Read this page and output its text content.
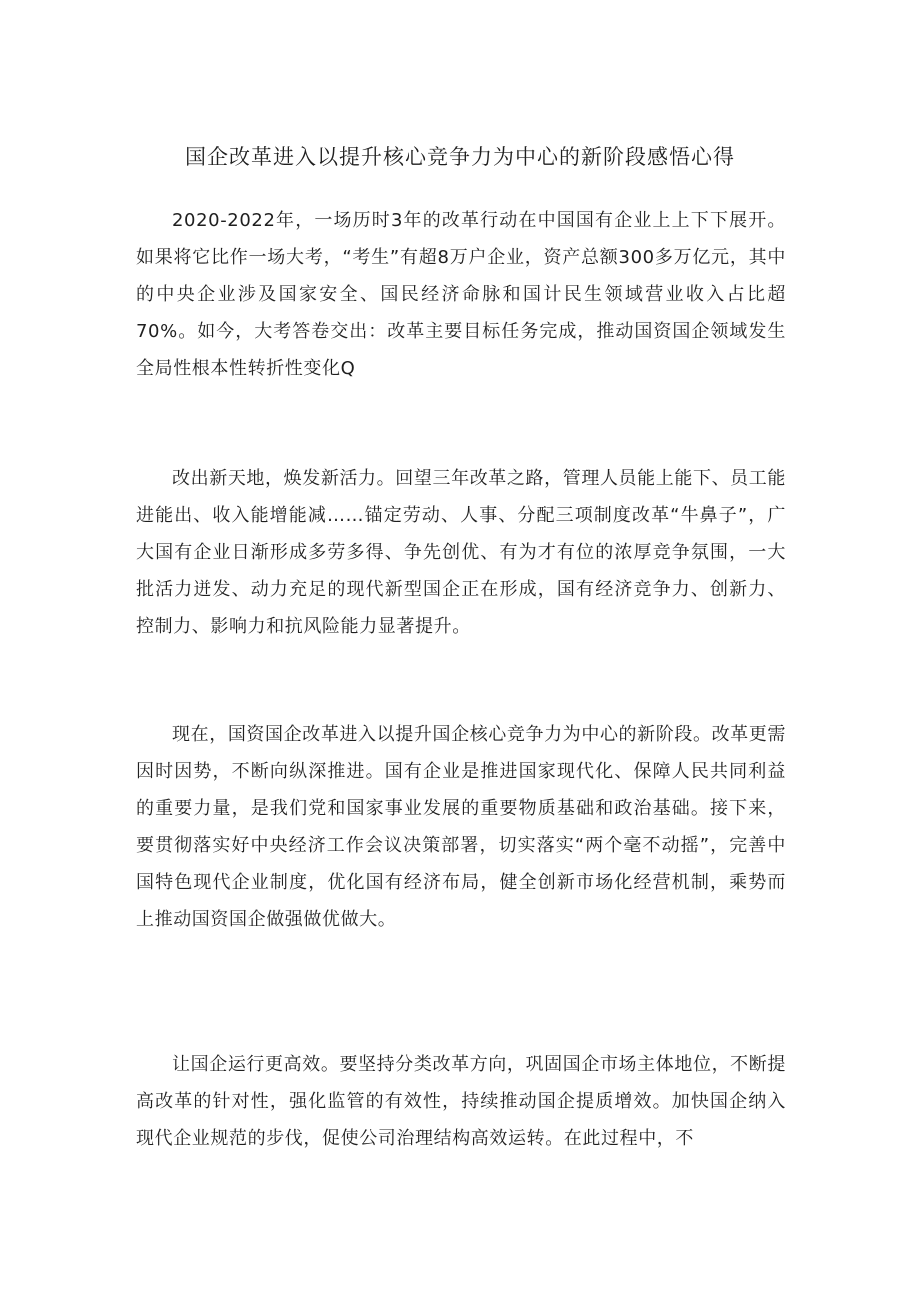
国企改革进入以提升核心竞争力为中心的新阶段感悟心得

2020-2022年，一场历时3年的改革行动在中国国有企业上上下下展开。如果将它比作一场大考，“考生”有超8万户企业，资产总额300多万亿元，其中的中央企业涉及国家安全、国民经济命脉和国计民生领域营业收入占比超70%。如今，大考答卷交出：改革主要目标任务完成，推动国资国企领域发生全局性根本性转折性变化Q

改出新天地，焕发新活力。回望三年改革之路，管理人员能上能下、员工能进能出、收入能增能减……锚定劳动、人事、分配三项制度改革“牛鼻子”，广大国有企业日渐形成多劳多得、争先创优、有为才有位的浓厚竞争氛围，一大批活力迸发、动力充足的现代新型国企正在形成，国有经济竞争力、创新力、控制力、影响力和抗风险能力显著提升。

现在，国资国企改革进入以提升国企核心竞争力为中心的新阶段。改革更需因时因势，不断向纵深推进。国有企业是推进国家现代化、保障人民共同利益的重要力量，是我们党和国家事业发展的重要物质基础和政治基础。接下来，要贯彻落实好中央经济工作会议决策部署，切实落实“两个毫不动摇”，完善中国特色现代企业制度，优化国有经济布局，健全创新市场化经营机制，乘势而上推动国资国企做强做优做大。

让国企运行更高效。要坚持分类改革方向，巩固国企市场主体地位，不断提高改革的针对性，强化监管的有效性，持续推动国企提质增效。加快国企纳入现代企业规范的步伐，促使公司治理结构高效运转。在此过程中，不
